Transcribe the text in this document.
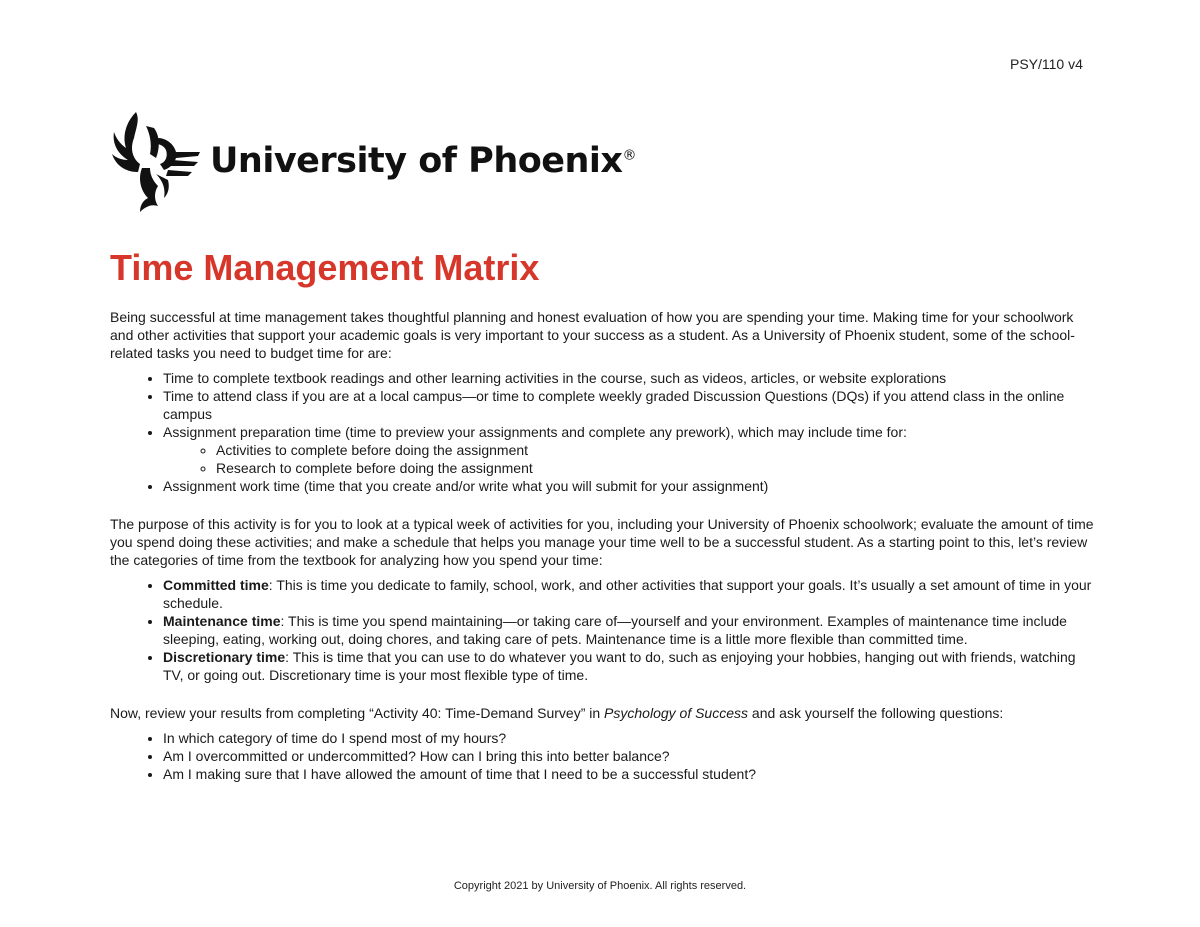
PSY/110 v4
University of Phoenix®
Time Management Matrix

Being successful at time management takes thoughtful planning and honest evaluation of how you are spending your time. Making time for your schoolwork and other activities that support your academic goals is very important to your success as a student. As a University of Phoenix student, some of the school-related tasks you need to budget time for are:

• Time to complete textbook readings and other learning activities in the course, such as videos, articles, or website explorations
• Time to attend class if you are at a local campus—or time to complete weekly graded Discussion Questions (DQs) if you attend class in the online campus
• Assignment preparation time (time to preview your assignments and complete any prework), which may include time for:
◦ Activities to complete before doing the assignment
◦ Research to complete before doing the assignment
• Assignment work time (time that you create and/or write what you will submit for your assignment)

The purpose of this activity is for you to look at a typical week of activities for you, including your University of Phoenix schoolwork; evaluate the amount of time you spend doing these activities; and make a schedule that helps you manage your time well to be a successful student. As a starting point to this, let’s review the categories of time from the textbook for analyzing how you spend your time:

• Committed time: This is time you dedicate to family, school, work, and other activities that support your goals. It’s usually a set amount of time in your schedule.
• Maintenance time: This is time you spend maintaining—or taking care of—yourself and your environment. Examples of maintenance time include sleeping, eating, working out, doing chores, and taking care of pets. Maintenance time is a little more flexible than committed time.
• Discretionary time: This is time that you can use to do whatever you want to do, such as enjoying your hobbies, hanging out with friends, watching TV, or going out. Discretionary time is your most flexible type of time.

Now, review your results from completing “Activity 40: Time-Demand Survey” in Psychology of Success and ask yourself the following questions:

• In which category of time do I spend most of my hours?
• Am I overcommitted or undercommitted? How can I bring this into better balance?
• Am I making sure that I have allowed the amount of time that I need to be a successful student?
Copyright 2021 by University of Phoenix. All rights reserved.
